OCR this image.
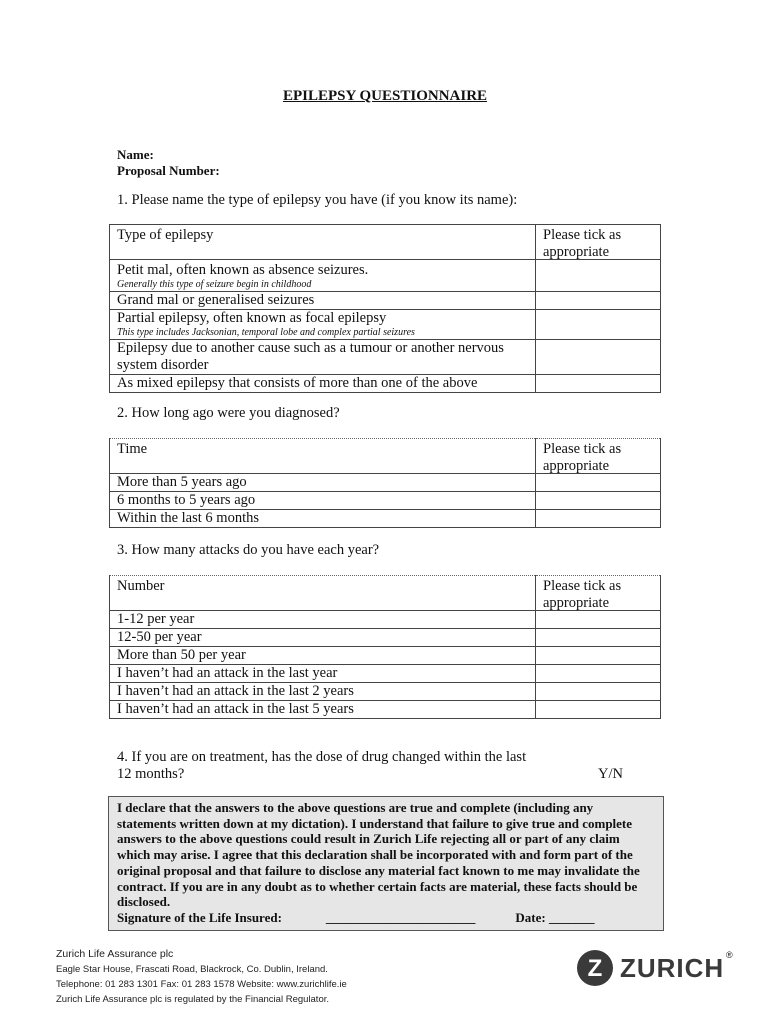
EPILEPSY QUESTIONNAIRE
Name:
Proposal Number:
1. Please name the type of epilepsy you have (if you know its name):
Type of epilepsy	Please tick as appropriate

Petit mal, often known as absence seizures.
Generally this type of seizure begin in childhood	

Grand mal or generalised seizures	

Partial epilepsy, often known as focal epilepsy
This type includes Jacksonian, temporal lobe and complex partial seizures	

Epilepsy due to another cause such as a tumour or another nervous system disorder	
As mixed epilepsy that consists of more than one of the above	
2. How long ago were you diagnosed?
Time	Please tick as appropriate
More than 5 years ago	
6 months to 5 years ago	
Within the last 6 months	
3. How many attacks do you have each year?
Number	Please tick as appropriate
1-12 per year	
12-50 per year	
More than 50 per year	
I haven’t had an attack in the last year	
I haven’t had an attack in the last 2 years	
I haven’t had an attack in the last 5 years	
4. If you are on treatment, has the dose of drug changed within the last
12 months?	Y/N
I declare that the answers to the above questions are true and complete (including any statements written down at my dictation). I understand that failure to give true and complete answers to the above questions could result in Zurich Life rejecting all or part of any claim which may arise. I agree that this declaration shall be incorporated with and form part of the original proposal and that failure to disclose any material fact known to me may invalidate the contract. If you are in any doubt as to whether certain facts are material, these facts should be disclosed.
Signature of the Life Insured:	_______________________	Date: _______
Zurich Life Assurance plc
Eagle Star House, Frascati Road, Blackrock, Co. Dublin, Ireland.
Telephone: 01 283 1301 Fax: 01 283 1578 Website: www.zurichlife.ie
Zurich Life Assurance plc is regulated by the Financial Regulator.
Z ZURICH ®
